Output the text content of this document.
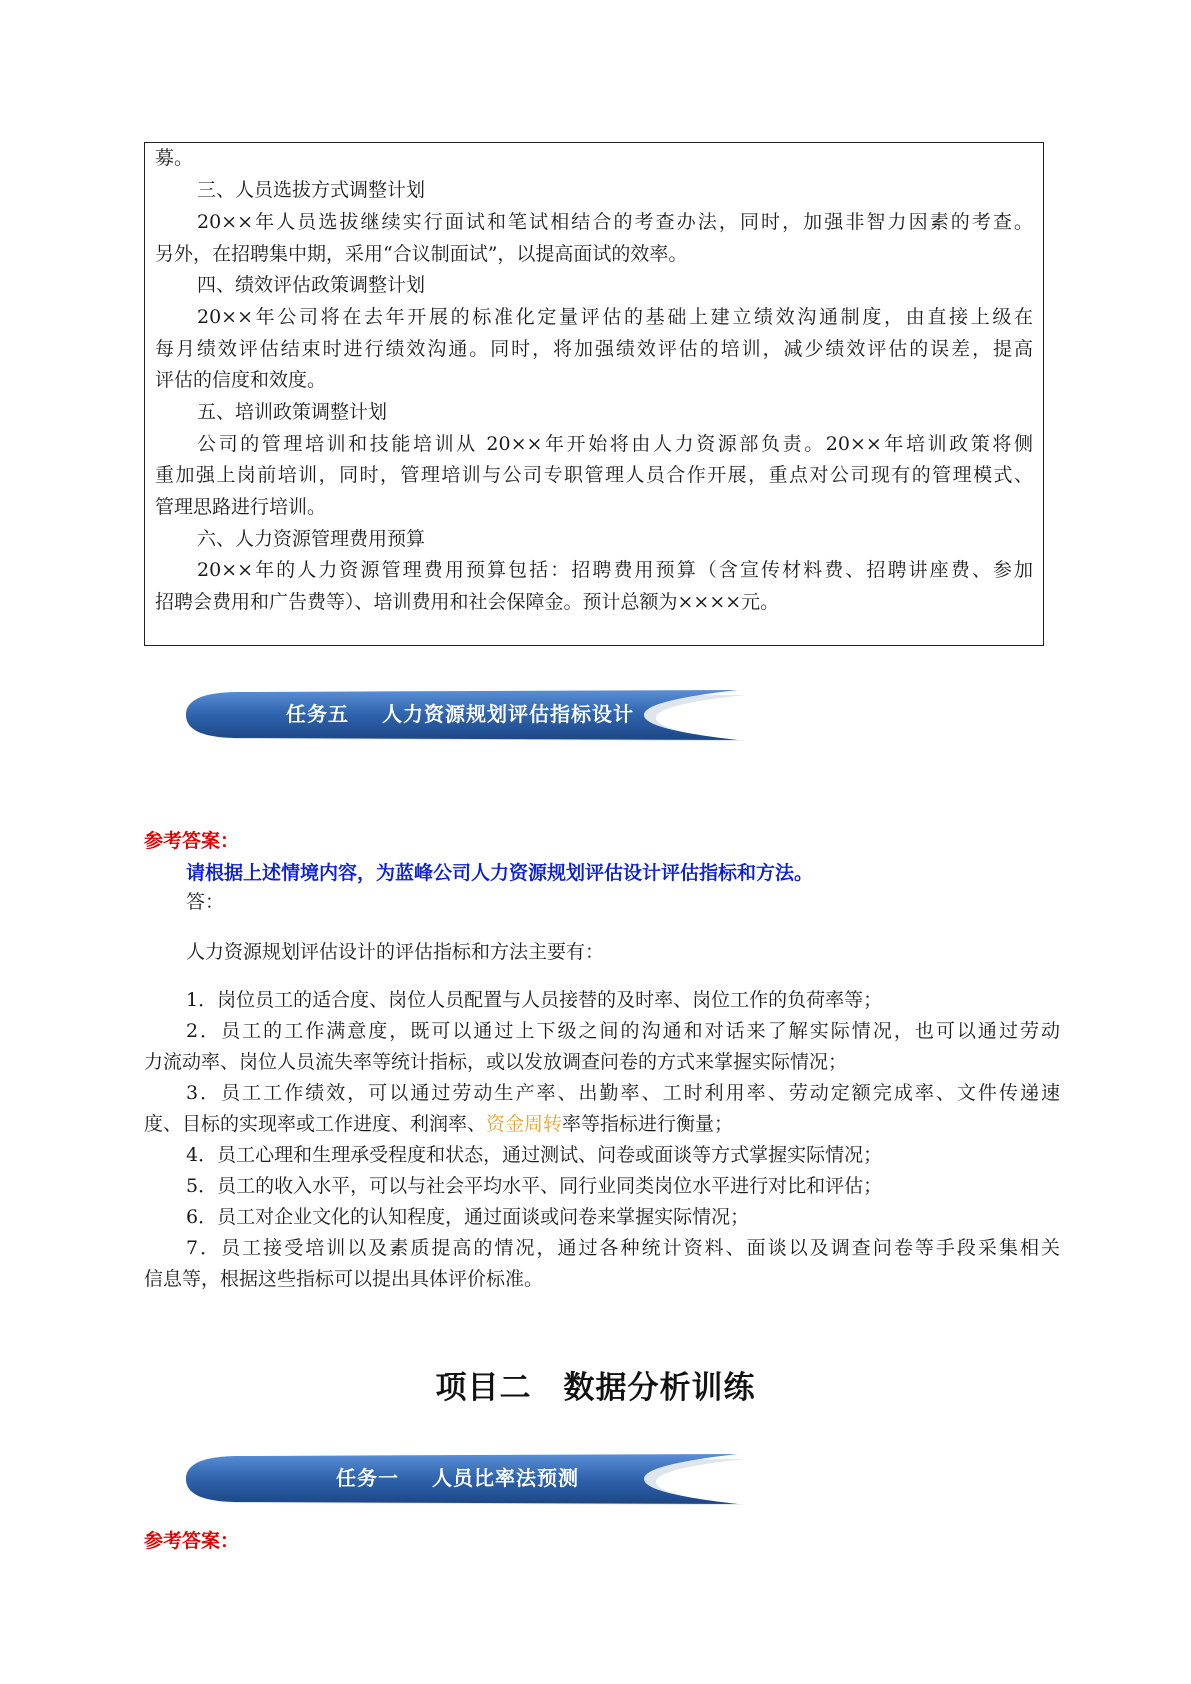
募。
三、人员选拔方式调整计划
20××年人员选拔继续实行面试和笔试相结合的考查办法，同时，加强非智力因素的考查。
另外，在招聘集中期，采用“合议制面试”，以提高面试的效率。
四、绩效评估政策调整计划
20××年公司将在去年开展的标准化定量评估的基础上建立绩效沟通制度，由直接上级在
每月绩效评估结束时进行绩效沟通。同时，将加强绩效评估的培训，减少绩效评估的误差，提高
评估的信度和效度。
五、培训政策调整计划
公司的管理培训和技能培训从 20××年开始将由人力资源部负责。20××年培训政策将侧
重加强上岗前培训，同时，管理培训与公司专职管理人员合作开展，重点对公司现有的管理模式、
管理思路进行培训。
六、人力资源管理费用预算
20××年的人力资源管理费用预算包括：招聘费用预算（含宣传材料费、招聘讲座费、参加
招聘会费用和广告费等）、培训费用和社会保障金。预计总额为××××元。
任务五 人力资源规划评估指标设计
参考答案：
请根据上述情境内容，为蓝峰公司人力资源规划评估设计评估指标和方法。
答：
人力资源规划评估设计的评估指标和方法主要有：
1．岗位员工的适合度、岗位人员配置与人员接替的及时率、岗位工作的负荷率等；
2．员工的工作满意度，既可以通过上下级之间的沟通和对话来了解实际情况，也可以通过劳动
力流动率、岗位人员流失率等统计指标，或以发放调查问卷的方式来掌握实际情况；
3．员工工作绩效，可以通过劳动生产率、出勤率、工时利用率、劳动定额完成率、文件传递速
度、目标的实现率或工作进度、利润率、资金周转率等指标进行衡量；
4．员工心理和生理承受程度和状态，通过测试、问卷或面谈等方式掌握实际情况；
5．员工的收入水平，可以与社会平均水平、同行业同类岗位水平进行对比和评估；
6．员工对企业文化的认知程度，通过面谈或问卷来掌握实际情况；
7．员工接受培训以及素质提高的情况，通过各种统计资料、面谈以及调查问卷等手段采集相关
信息等，根据这些指标可以提出具体评价标准。
项目二　数据分析训练
任务一 人员比率法预测
参考答案：
